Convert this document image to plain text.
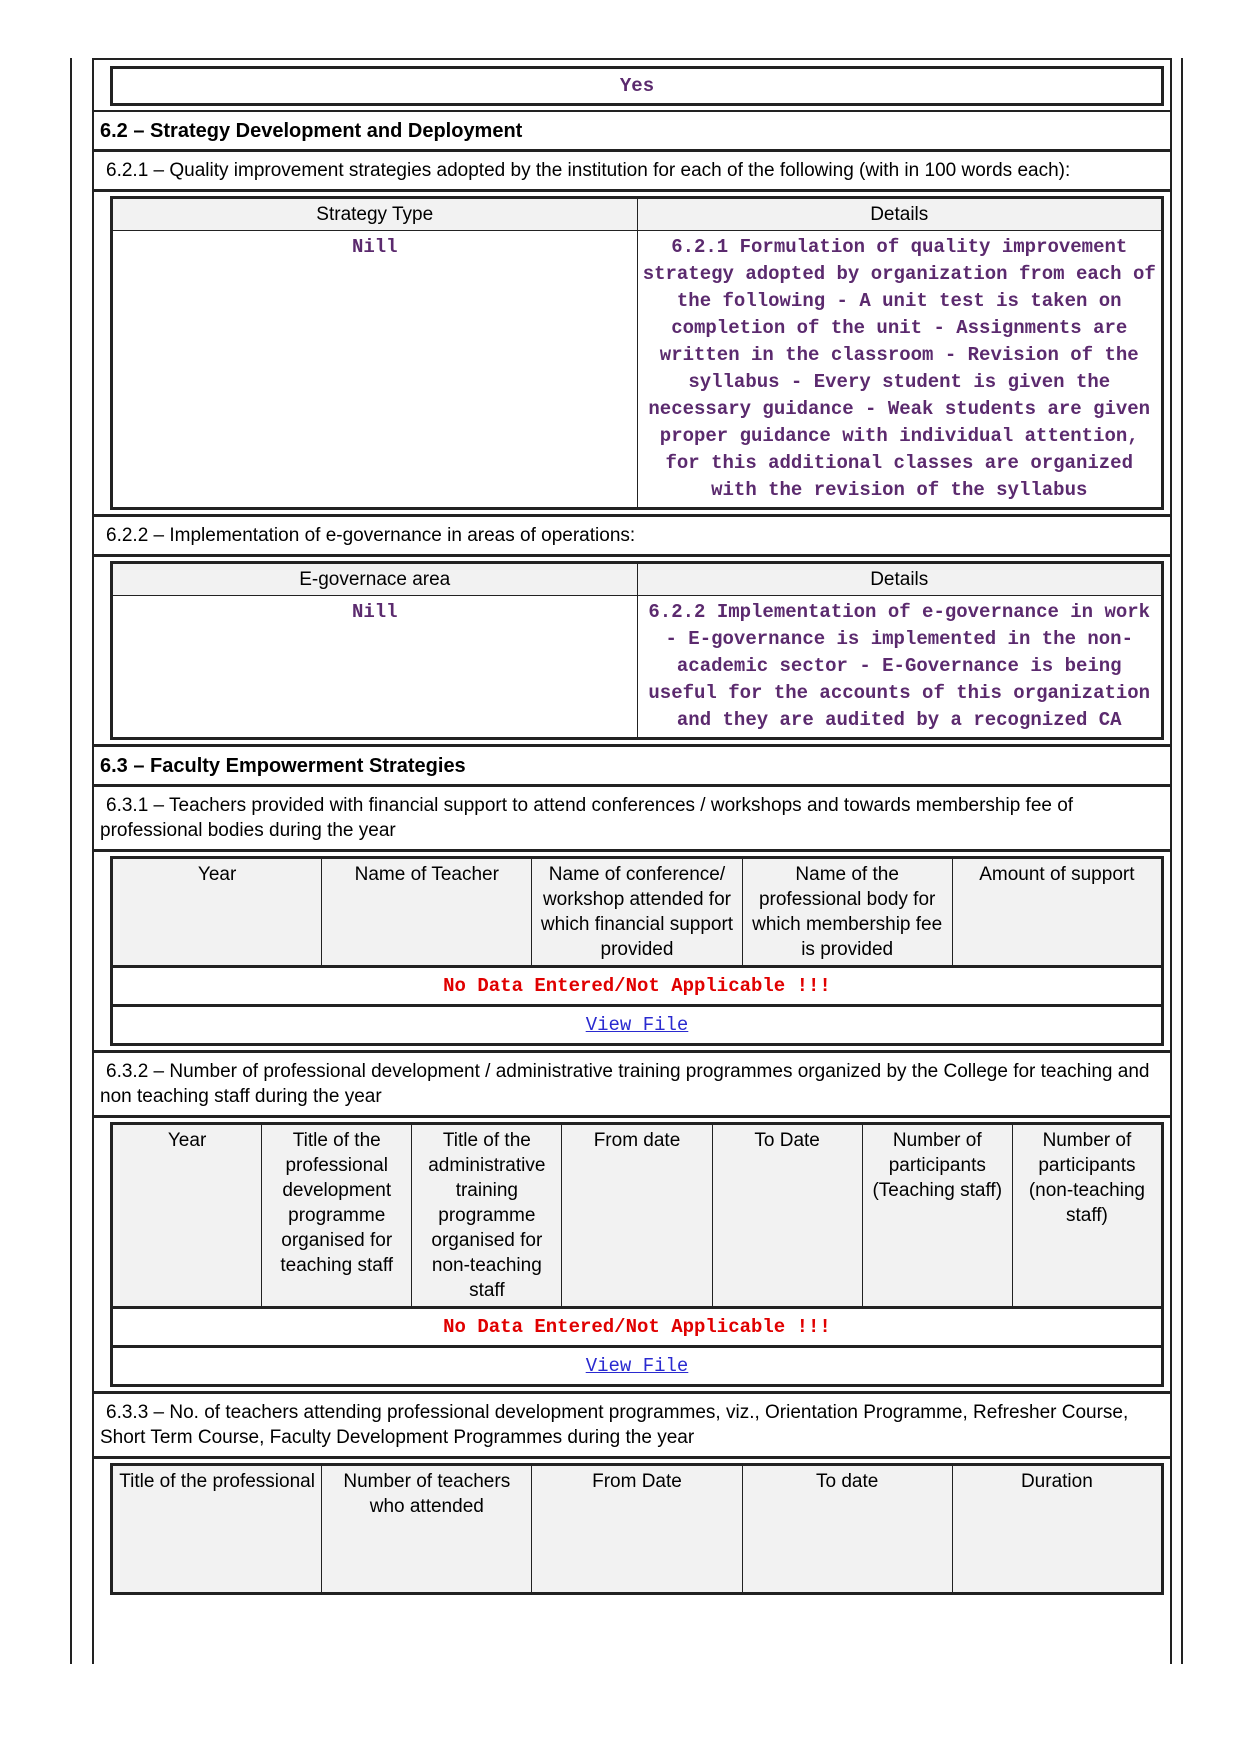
Yes
6.2 – Strategy Development and Deployment
6.2.1 – Quality improvement strategies adopted by the institution for each of the following (with in 100 words each):
Strategy Type	Details
Nill	6.2.1 Formulation of quality improvement strategy adopted by organization from each of the following - A unit test is taken on completion of the unit - Assignments are written in the classroom - Revision of the syllabus - Every student is given the necessary guidance - Weak students are given proper guidance with individual attention, for this additional classes are organized with the revision of the syllabus
6.2.2 – Implementation of e-governance in areas of operations:
E-governace area	Details
Nill	6.2.2 Implementation of e-governance in work - E-governance is implemented in the non-academic sector - E-Governance is being useful for the accounts of this organization and they are audited by a recognized CA
6.3 – Faculty Empowerment Strategies
6.3.1 – Teachers provided with financial support to attend conferences / workshops and towards membership fee of professional bodies during the year
Year	Name of Teacher	Name of conference/ workshop attended for which financial support provided	Name of the professional body for which membership fee is provided	Amount of support
No Data Entered/Not Applicable !!!
View File
6.3.2 – Number of professional development / administrative training programmes organized by the College for teaching and non teaching staff during the year
Year	Title of the professional development programme organised for teaching staff	Title of the administrative training programme organised for non-teaching staff	From date	To Date	Number of participants (Teaching staff)	Number of participants (non-teaching staff)
No Data Entered/Not Applicable !!!
View File
6.3.3 – No. of teachers attending professional development programmes, viz., Orientation Programme, Refresher Course, Short Term Course, Faculty Development Programmes during the year
Title of the professional	Number of teachers who attended	From Date	To date	Duration
